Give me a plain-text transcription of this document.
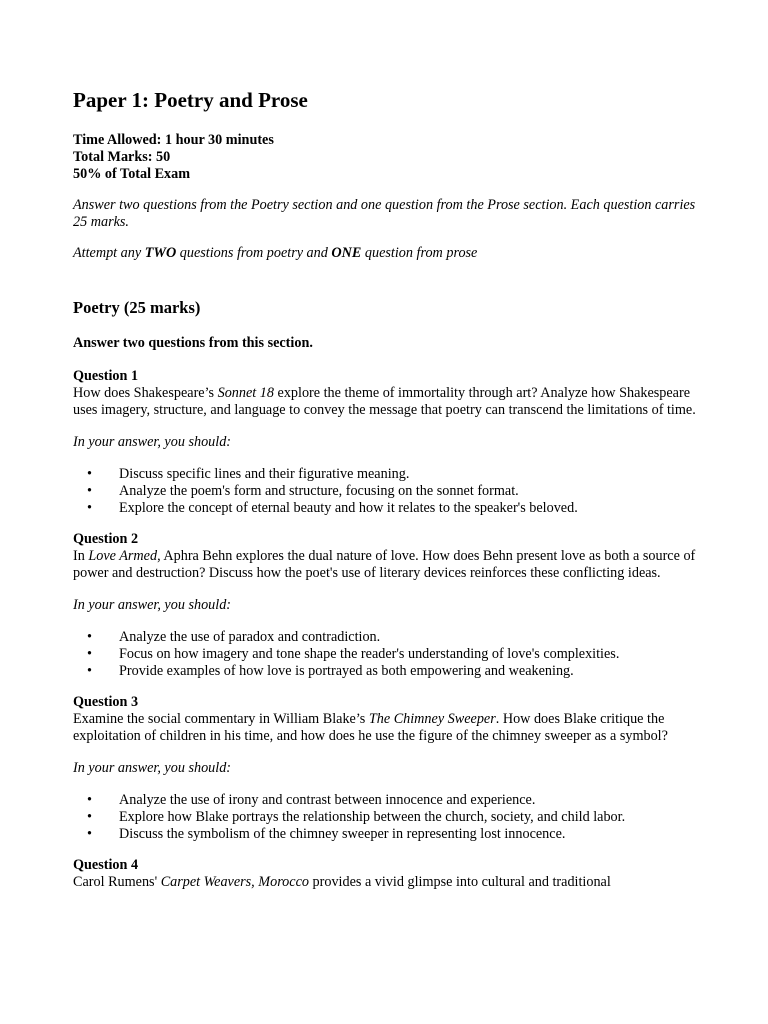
Paper 1: Poetry and Prose
Time Allowed: 1 hour 30 minutes
Total Marks: 50
50% of Total Exam
Answer two questions from the Poetry section and one question from the Prose section. Each question carries 25 marks.
Attempt any TWO questions from poetry and ONE question from prose
Poetry (25 marks)
Answer two questions from this section.
Question 1
How does Shakespeare’s Sonnet 18 explore the theme of immortality through art? Analyze how Shakespeare uses imagery, structure, and language to convey the message that poetry can transcend the limitations of time.
In your answer, you should:
• Discuss specific lines and their figurative meaning.
• Analyze the poem's form and structure, focusing on the sonnet format.
• Explore the concept of eternal beauty and how it relates to the speaker's beloved.
Question 2
In Love Armed, Aphra Behn explores the dual nature of love. How does Behn present love as both a source of power and destruction? Discuss how the poet's use of literary devices reinforces these conflicting ideas.
In your answer, you should:
• Analyze the use of paradox and contradiction.
• Focus on how imagery and tone shape the reader's understanding of love's complexities.
• Provide examples of how love is portrayed as both empowering and weakening.
Question 3
Examine the social commentary in William Blake’s The Chimney Sweeper. How does Blake critique the exploitation of children in his time, and how does he use the figure of the chimney sweeper as a symbol?
In your answer, you should:
• Analyze the use of irony and contrast between innocence and experience.
• Explore how Blake portrays the relationship between the church, society, and child labor.
• Discuss the symbolism of the chimney sweeper in representing lost innocence.
Question 4
Carol Rumens' Carpet Weavers, Morocco provides a vivid glimpse into cultural and traditional
